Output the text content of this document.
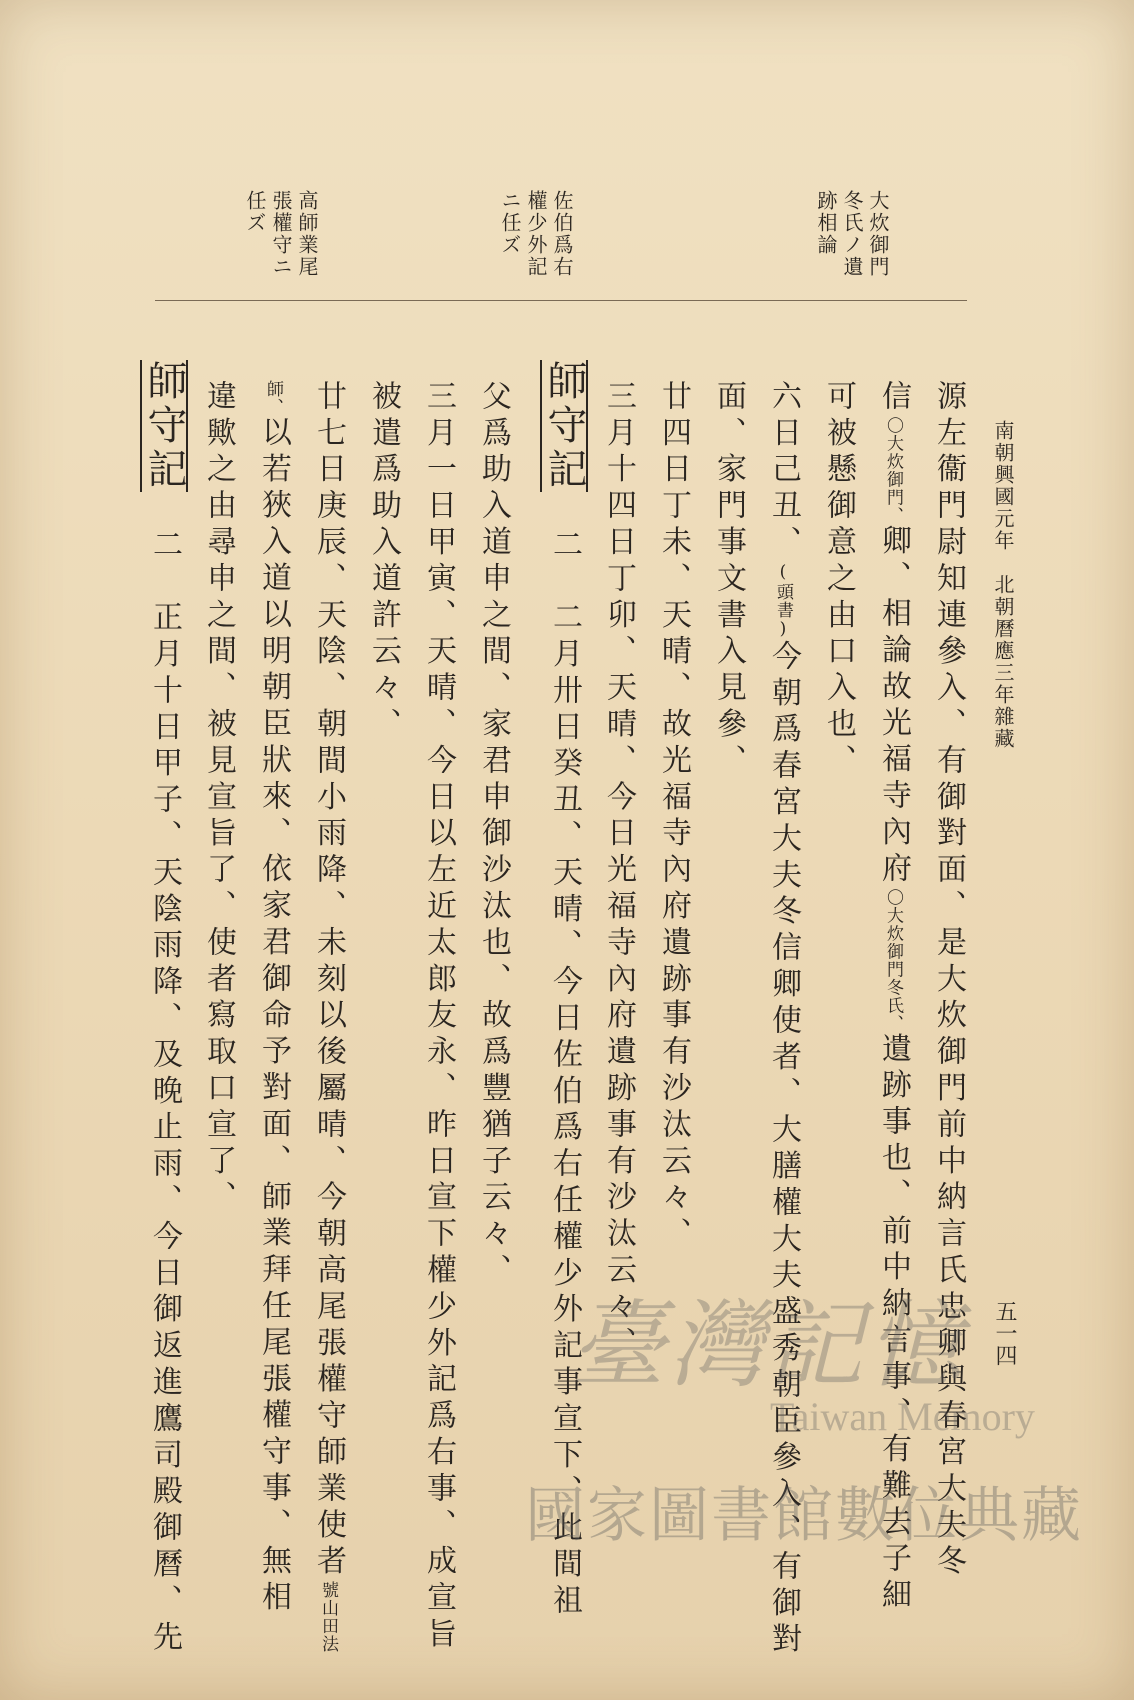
南朝興國元年　北朝曆應三年雜藏
五一四
大炊御門
冬氏ノ遺
跡相論
佐伯爲右
權少外記
ニ任ズ
高師業尾
張權守ニ
任ズ
源左衞門尉知連參入、有御對面、是大炊御門前中納言氏忠卿與春宮大夫冬
信〇大炊御門、卿、相論故光福寺內府〇大炊御門冬氏、遺跡事也、前中納言事、有難去子細
可被懸御意之由口入也、
六日己丑、(頭書)今朝爲春宮大夫冬信卿使者、大膳權大夫盛秀朝臣參入、有御對
面、家門事文書入見參、
廿四日丁未、天晴、故光福寺內府遺跡事有沙汰云々、
三月十四日丁卯、天晴、今日光福寺內府遺跡事有沙汰云々、
師守記　二　二月卅日癸丑、天晴、今日佐伯爲右任權少外記事宣下、此間祖
父爲助入道申之間、家君申御沙汰也、故爲豐猶子云々、
三月一日甲寅、天晴、今日以左近太郎友永、昨日宣下權少外記爲右事、成宣旨
被遣爲助入道許云々、
廿七日庚辰、天陰、朝間小雨降、未刻以後屬晴、今朝高尾張權守師業使者號山田法
師、以若狹入道以明朝臣狀來、依家君御命予對面、師業拜任尾張權守事、無相
違歟之由尋申之間、被見宣旨了、使者寫取口宣了、
師守記　二　正月十日甲子、天陰雨降、及晚止雨、今日御返進鷹司殿御曆、先	臺灣記憶
Taiwan Memory
國家圖書館數位典藏
